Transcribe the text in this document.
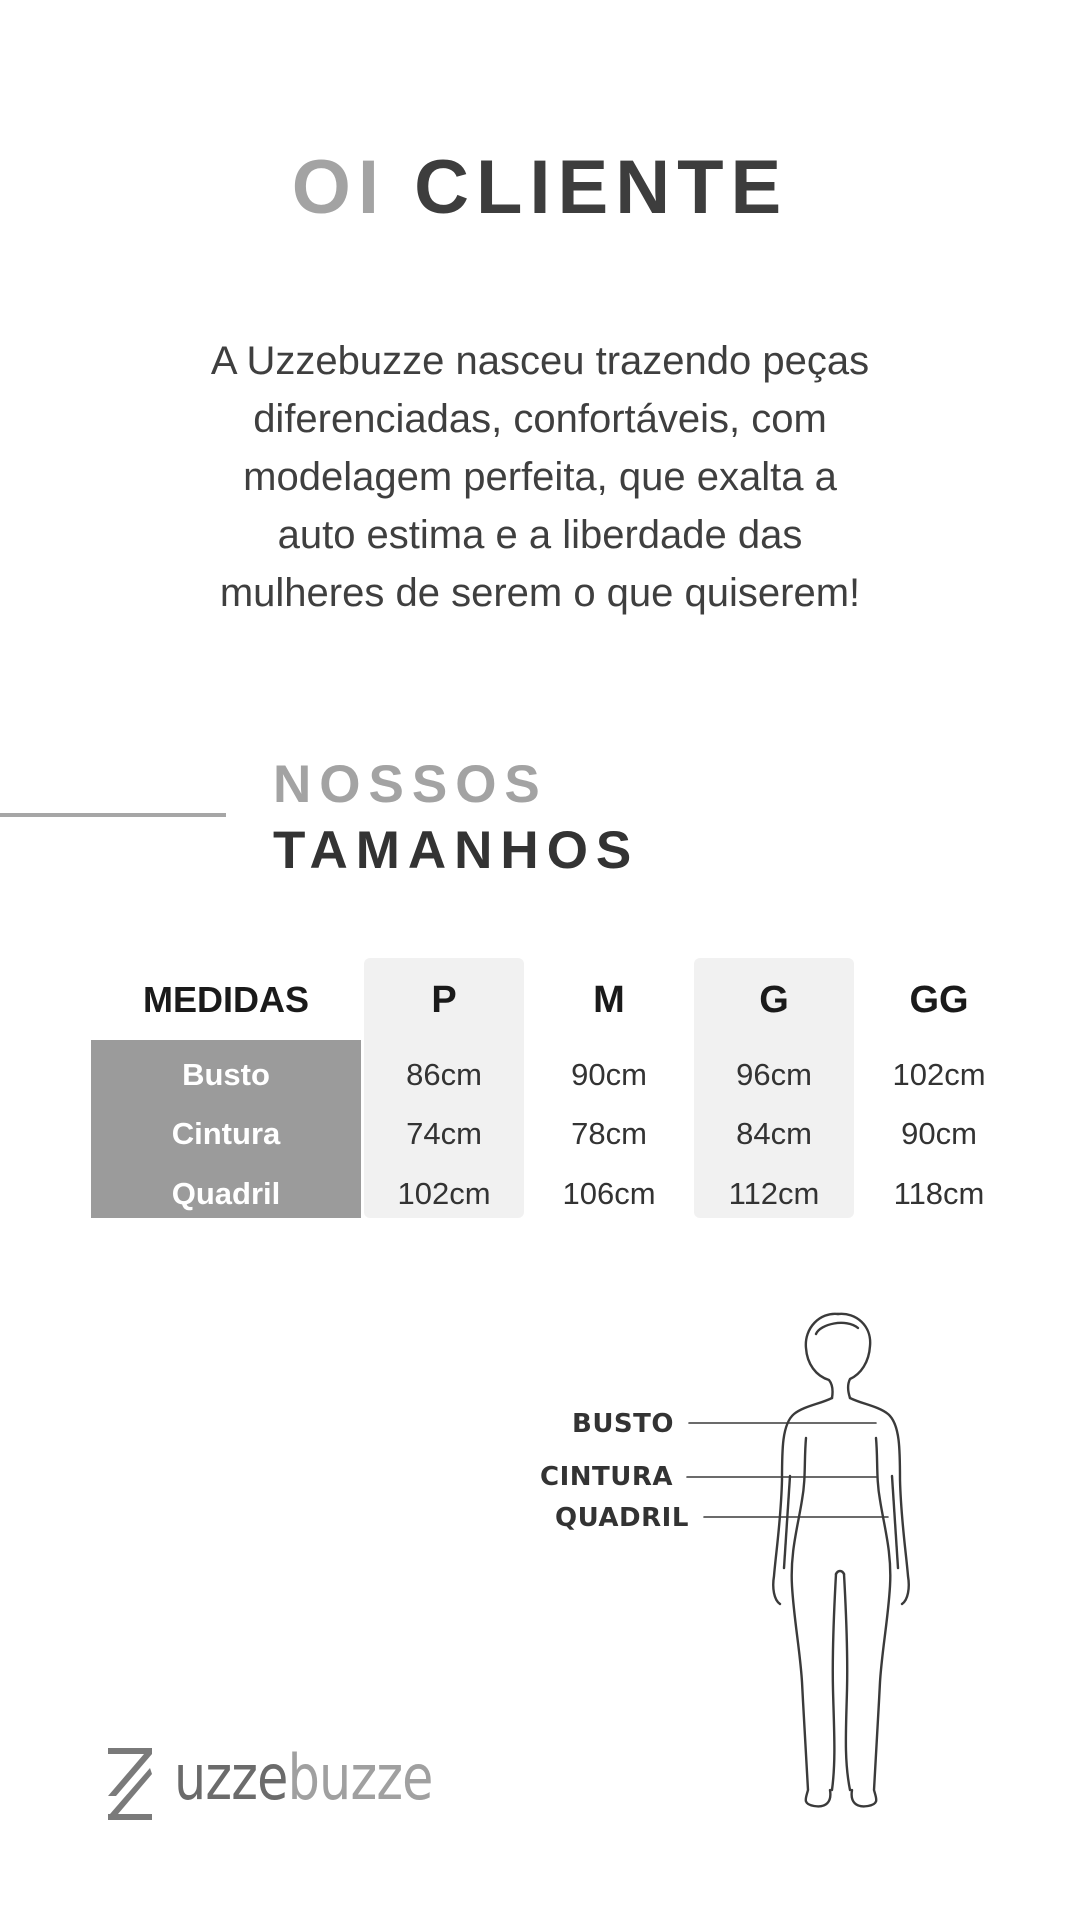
OI CLIENTE

A Uzzebuzze nasceu trazendo peças
diferenciadas, confortáveis, com
modelagem perfeita, que exalta a
auto estima e a liberdade das
mulheres de serem o que quiserem!

NOSSOS
TAMANHOS
MEDIDAS	P	M	G	GG
Busto	86cm	90cm	96cm	102cm
Cintura	74cm	78cm	84cm	90cm
Quadril	102cm	106cm	112cm	118cm
BUSTO
CINTURA
QUADRIL
uzzebuzze
